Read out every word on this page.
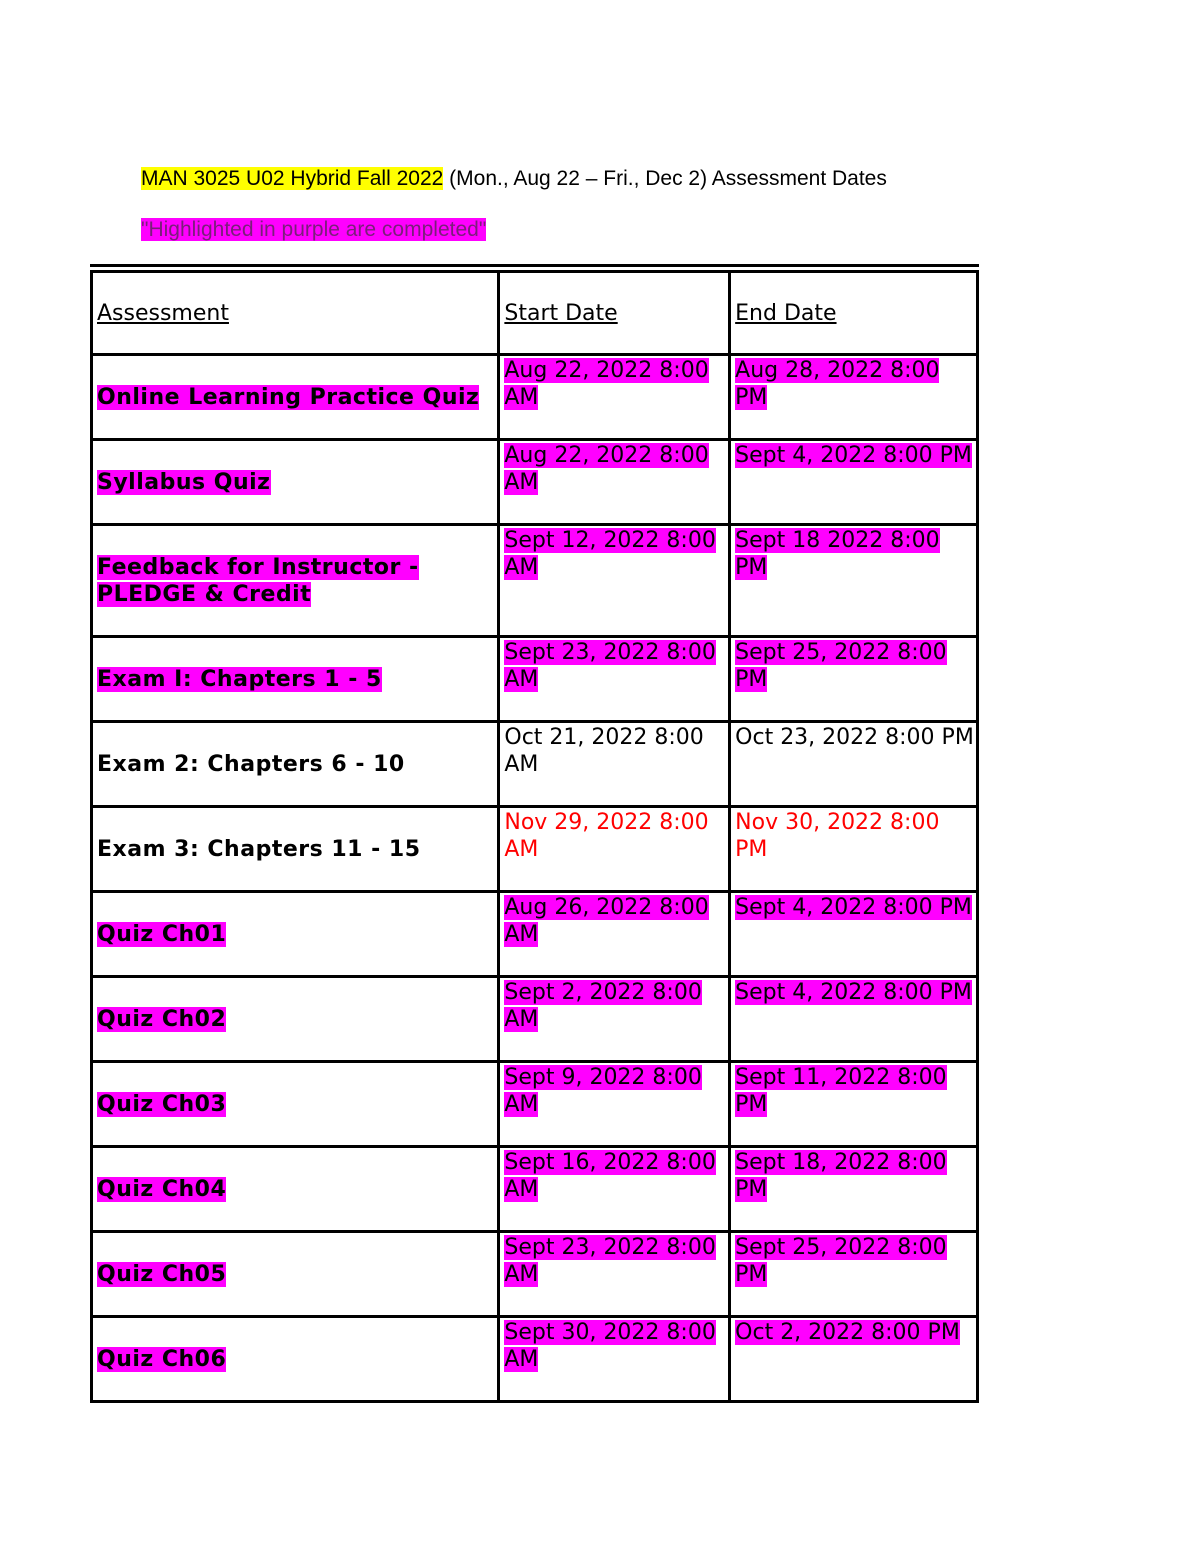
MAN 3025 U02 Hybrid Fall 2022 (Mon., Aug 22 – Fri., Dec 2) Assessment Dates
"Highlighted in purple are completed"
Assessment	Start Date	End Date
Online Learning Practice Quiz	Aug 22, 2022 8:00 AM	Aug 28, 2022 8:00 PM
Syllabus Quiz	Aug 22, 2022 8:00 AM	Sept 4, 2022 8:00 PM
Feedback for Instructor - PLEDGE & Credit	Sept 12, 2022 8:00 AM	Sept 18 2022 8:00 PM
Exam I: Chapters 1 - 5	Sept 23, 2022 8:00 AM	Sept 25, 2022 8:00 PM
Exam 2: Chapters 6 - 10	Oct 21, 2022 8:00 AM	Oct 23, 2022 8:00 PM
Exam 3: Chapters 11 - 15	Nov 29, 2022 8:00 AM	Nov 30, 2022 8:00 PM
Quiz Ch01	Aug 26, 2022 8:00 AM	Sept 4, 2022 8:00 PM
Quiz Ch02	Sept 2, 2022 8:00 AM	Sept 4, 2022 8:00 PM
Quiz Ch03	Sept 9, 2022 8:00 AM	Sept 11, 2022 8:00 PM
Quiz Ch04	Sept 16, 2022 8:00 AM	Sept 18, 2022 8:00 PM
Quiz Ch05	Sept 23, 2022 8:00 AM	Sept 25, 2022 8:00 PM
Quiz Ch06	Sept 30, 2022 8:00 AM	Oct 2, 2022 8:00 PM
